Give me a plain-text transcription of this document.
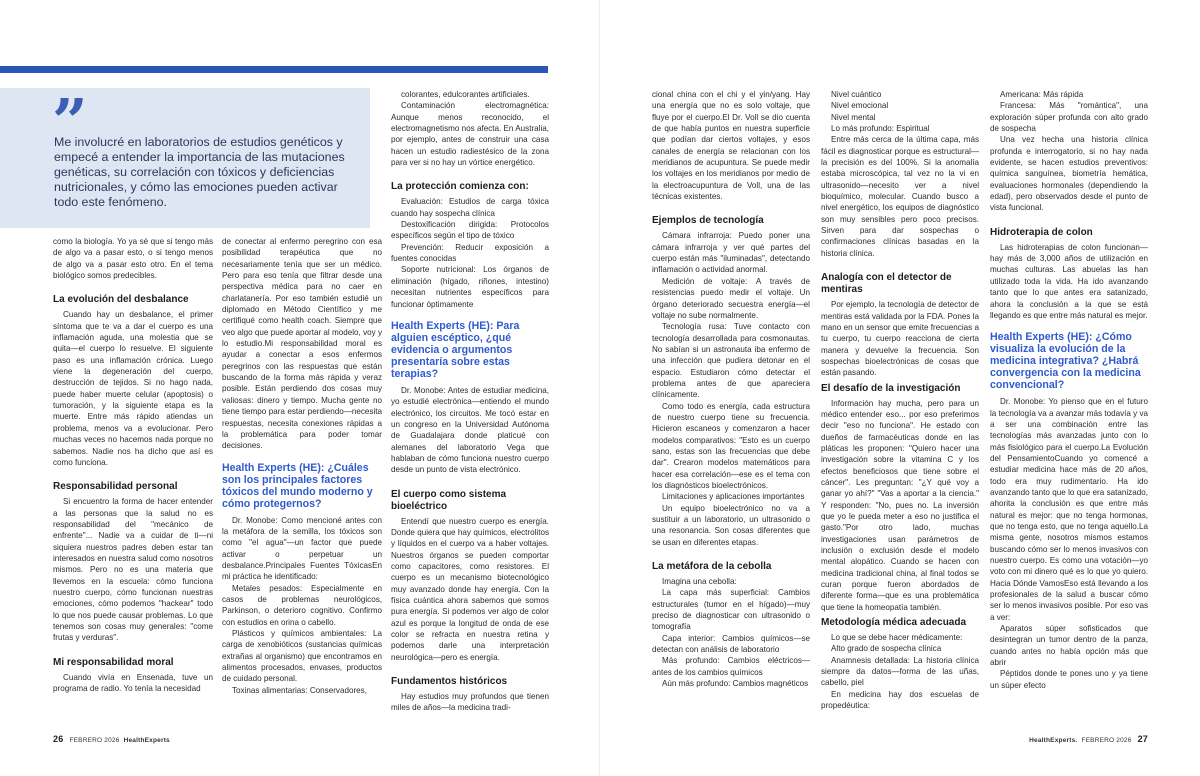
”

Me involucré en laboratorios de estudios genéticos y empecé a entender la importancia de las mutaciones genéticas, su correlación con tóxicos y deficiencias nutricionales, y cómo las emociones pueden activar todo este fenómeno.

como la biología. Yo ya sé que si tengo más de algo va a pasar esto, o si tengo menos de algo va a pasar esto otro. En el tema biológico somos predecibles.

La evolución del desbalance

Cuando hay un desbalance, el primer síntoma que te va a dar el cuerpo es una inflamación aguda, una molestia que se quita—el cuerpo lo resuelve. El siguiente paso es una inflamación crónica. Luego viene la degeneración del cuerpo, destrucción de tejidos. Si no hago nada, puede haber muerte celular (apoptosis) o tumoración, y la siguiente etapa es la muerte. Entre más rápido atiendas un problema, menos va a evolucionar. Pero muchas veces no hacemos nada porque no sabemos. Nadie nos ha dicho que así es como funciona.

Responsabilidad personal

Si encuentro la forma de hacer entender a las personas que la salud no es responsabilidad del "mecánico de enfrente"... Nadie va a cuidar de ti—ni siquiera nuestros padres deben estar tan interesados en nuestra salud como nosotros mismos. Pero no es una materia que llevemos en la escuela: cómo funciona nuestro cuerpo, cómo funcionan nuestras emociones, cómo podemos "hackear" todo lo que nos puede causar problemas. Lo que tenemos son cosas muy generales: "come frutas y verduras".

Mi responsabilidad moral

Cuando vivía en Ensenada, tuve un programa de radio. Yo tenía la necesidad

de conectar al enfermo peregrino con esa posibilidad terapéutica que no necesariamente tenía que ser un médico. Pero para eso tenía que filtrar desde una perspectiva médica para no caer en charlatanería. Por eso también estudié un diplomado en Método Científico y me certifiqué como health coach. Siempre que veo algo que puede aportar al modelo, voy y lo estudio.Mi responsabilidad moral es ayudar a conectar a esos enfermos peregrinos con las respuestas que están buscando de la forma más rápida y veraz posible. Están perdiendo dos cosas muy valiosas: dinero y tiempo. Mucha gente no tiene tiempo para estar perdiendo—necesita respuestas, necesita conexiones rápidas a la problemática para poder tomar decisiones.

Health Experts (HE): ¿Cuáles son los principales factores tóxicos del mundo moderno y cómo protegernos?

Dr. Monobe: Como mencioné antes con la metáfora de la semilla, los tóxicos son como "el agua"—un factor que puede activar o perpetuar un desbalance.Principales Fuentes TóxicasEn mi práctica he identificado:

Metales pesados: Especialmente en casos de problemas neurológicos, Parkinson, o deterioro cognitivo. Confirmo con estudios en orina o cabello.

Plásticos y químicos ambientales: La carga de xenobióticos (sustancias químicas extrañas al organismo) que encontramos en alimentos procesados, envases, productos de cuidado personal.

Toxinas alimentarias: Conservadores,

colorantes, edulcorantes artificiales.

Contaminación electromagnética: Aunque menos reconocido, el electromagnetismo nos afecta. En Australia, por ejemplo, antes de construir una casa hacen un estudio radiestésico de la zona para ver si no hay un vórtice energético.

La protección comienza con:

Evaluación: Estudios de carga tóxica cuando hay sospecha clínica

Destoxificación dirigida: Protocolos específicos según el tipo de tóxico

Prevención: Reducir exposición a fuentes conocidas

Soporte nutricional: Los órganos de eliminación (hígado, riñones, intestino) necesitan nutrientes específicos para funcionar óptimamente

Health Experts (HE): Para alguien escéptico, ¿qué evidencia o argumentos presentaría sobre estas terapias?

Dr. Monobe: Antes de estudiar medicina, yo estudié electrónica—entiendo el mundo electrónico, los circuitos. Me tocó estar en un congreso en la Universidad Autónoma de Guadalajara donde platicué con alemanes del laboratorio Vega que hablaban de cómo funciona nuestro cuerpo desde un punto de vista electrónico.

El cuerpo como sistema bioeléctrico

Entendí que nuestro cuerpo es energía. Donde quiera que hay químicos, electrolitos y líquidos en el cuerpo va a haber voltajes. Nuestros órganos se pueden comportar como capacitores, como resistores. El cuerpo es un mecanismo biotecnológico muy avanzado donde hay energía. Con la física cuántica ahora sabemos que somos pura energía. Si podemos ver algo de color azul es porque la longitud de onda de ese color se refracta en nuestra retina y podemos darle una interpretación neurológica—pero es energía.

Fundamentos históricos

Hay estudios muy profundos que tienen miles de años—la medicina tradi-

26 FEBRERO 2026 HealthExperts

cional china con el chi y el yin/yang. Hay una energía que no es solo voltaje, que fluye por el cuerpo.El Dr. Voll se dio cuenta de que había puntos en nuestra superficie que podían dar ciertos voltajes, y esos canales de energía se relacionan con los meridianos de acupuntura. Se puede medir los voltajes en los meridianos por medio de la electroacupuntura de Voll, una de las técnicas existentes.

Ejemplos de tecnología

Cámara infrarroja: Puedo poner una cámara infrarroja y ver qué partes del cuerpo están más "iluminadas", detectando inflamación o actividad anormal.

Medición de voltaje: A través de resistencias puedo medir el voltaje. Un órgano deteriorado secuestra energía—el voltaje no sube normalmente.

Tecnología rusa: Tuve contacto con tecnología desarrollada para cosmonautas. No sabían si un astronauta iba enfermo de una infección que pudiera detonar en el espacio. Estudiaron cómo detectar el problema antes de que apareciera clínicamente.

Como todo es energía, cada estructura de nuestro cuerpo tiene su frecuencia. Hicieron escaneos y comenzaron a hacer modelos comparativos: "Esto es un cuerpo sano, estas son las frecuencias que debe dar". Crearon modelos matemáticos para hacer esa correlación—ese es el tema con los diagnósticos bioelectrónicos.

Limitaciones y aplicaciones importantes

Un equipo bioelectrónico no va a sustituir a un laboratorio, un ultrasonido o una resonancia. Son cosas diferentes que se usan en diferentes etapas.

La metáfora de la cebolla

Imagina una cebolla:

La capa más superficial: Cambios estructurales (tumor en el hígado)—muy preciso de diagnosticar con ultrasonido o tomografía

Capa interior: Cambios químicos—se detectan con análisis de laboratorio

Más profundo: Cambios eléctricos—antes de los cambios químicos

Aún más profundo: Cambios magnéticos

Nivel cuántico

Nivel emocional

Nivel mental

Lo más profundo: Espiritual

Entre más cerca de la última capa, más fácil es diagnosticar porque es estructural—la precisión es del 100%. Si la anomalía estaba microscópica, tal vez no la vi en ultrasonido—necesito ver a nivel bioquímico, molecular. Cuando busco a nivel energético, los equipos de diagnóstico son muy sensibles pero poco precisos. Sirven para dar sospechas o confirmaciones clínicas basadas en la historia clínica.

Analogía con el detector de mentiras

Por ejemplo, la tecnología de detector de mentiras está validada por la FDA. Pones la mano en un sensor que emite frecuencias a tu cuerpo, tu cuerpo reacciona de cierta manera y devuelve la frecuencia. Son sospechas bioelectrónicas de cosas que están pasando.

El desafío de la investigación

Información hay mucha, pero para un médico entender eso... por eso preferimos decir "eso no funciona". He estado con dueños de farmacéuticas donde en las pláticas les proponen: "Quiero hacer una investigación sobre la vitamina C y los efectos beneficiosos que tiene sobre el cáncer". Les preguntan: "¿Y qué voy a ganar yo ahí?" "Vas a aportar a la ciencia." Y responden: "No, pues no. La inversión que yo le pueda meter a eso no justifica el gasto."Por otro lado, muchas investigaciones usan parámetros de inclusión o exclusión desde el modelo mental alopático. Cuando se hacen con medicina tradicional china, al final todos se curan porque fueron abordados de diferente forma—que es una problemática que tiene la homeopatía también.

Metodología médica adecuada

Lo que se debe hacer médicamente:

Alto grado de sospecha clínica

Anamnesis detallada: La historia clínica siempre da datos—forma de las uñas, cabello, piel

En medicina hay dos escuelas de propedéutica:

Americana: Más rápida

Francesa: Más "romántica", una exploración súper profunda con alto grado de sospecha

Una vez hecha una historia clínica profunda e interrogatorio, si no hay nada evidente, se hacen estudios preventivos: química sanguínea, biometría hemática, evaluaciones hormonales (dependiendo la edad), pero observados desde el punto de vista funcional.

Hidroterapia de colon

Las hidroterapias de colon funcionan—hay más de 3,000 años de utilización en muchas culturas. Las abuelas las han utilizado toda la vida. Ha ido avanzando tanto que lo que antes era satanizado, ahora la conclusión a la que se está llegando es que entre más natural es mejor.

Health Experts (HE): ¿Cómo visualiza la evolución de la medicina integrativa? ¿Habrá convergencia con la medicina convencional?

Dr. Monobe: Yo pienso que en el futuro la tecnología va a avanzar más todavía y va a ser una combinación entre las tecnologías más avanzadas junto con lo más fisiológico para el cuerpo.La Evolución del PensamientoCuando yo comencé a estudiar medicina hace más de 20 años, todo era muy rudimentario. Ha ido avanzando tanto que lo que era satanizado, ahorita la conclusión es que entre más natural es mejor: que no tenga hormonas, que no tenga esto, que no tenga aquello.La misma gente, nosotros mismos estamos buscando cómo ser lo menos invasivos con nuestro cuerpo. Es como una votación—yo voto con mi dinero qué es lo que yo quiero. Hacia Dónde VamosEso está llevando a los profesionales de la salud a buscar cómo ser lo menos invasivos posible. Por eso vas a ver:

Aparatos súper sofisticados que desintegran un tumor dentro de la panza, cuando antes no había opción más que abrir

Péptidos donde te pones uno y ya tiene un súper efecto

HealthExperts. FEBRERO 2026 27
